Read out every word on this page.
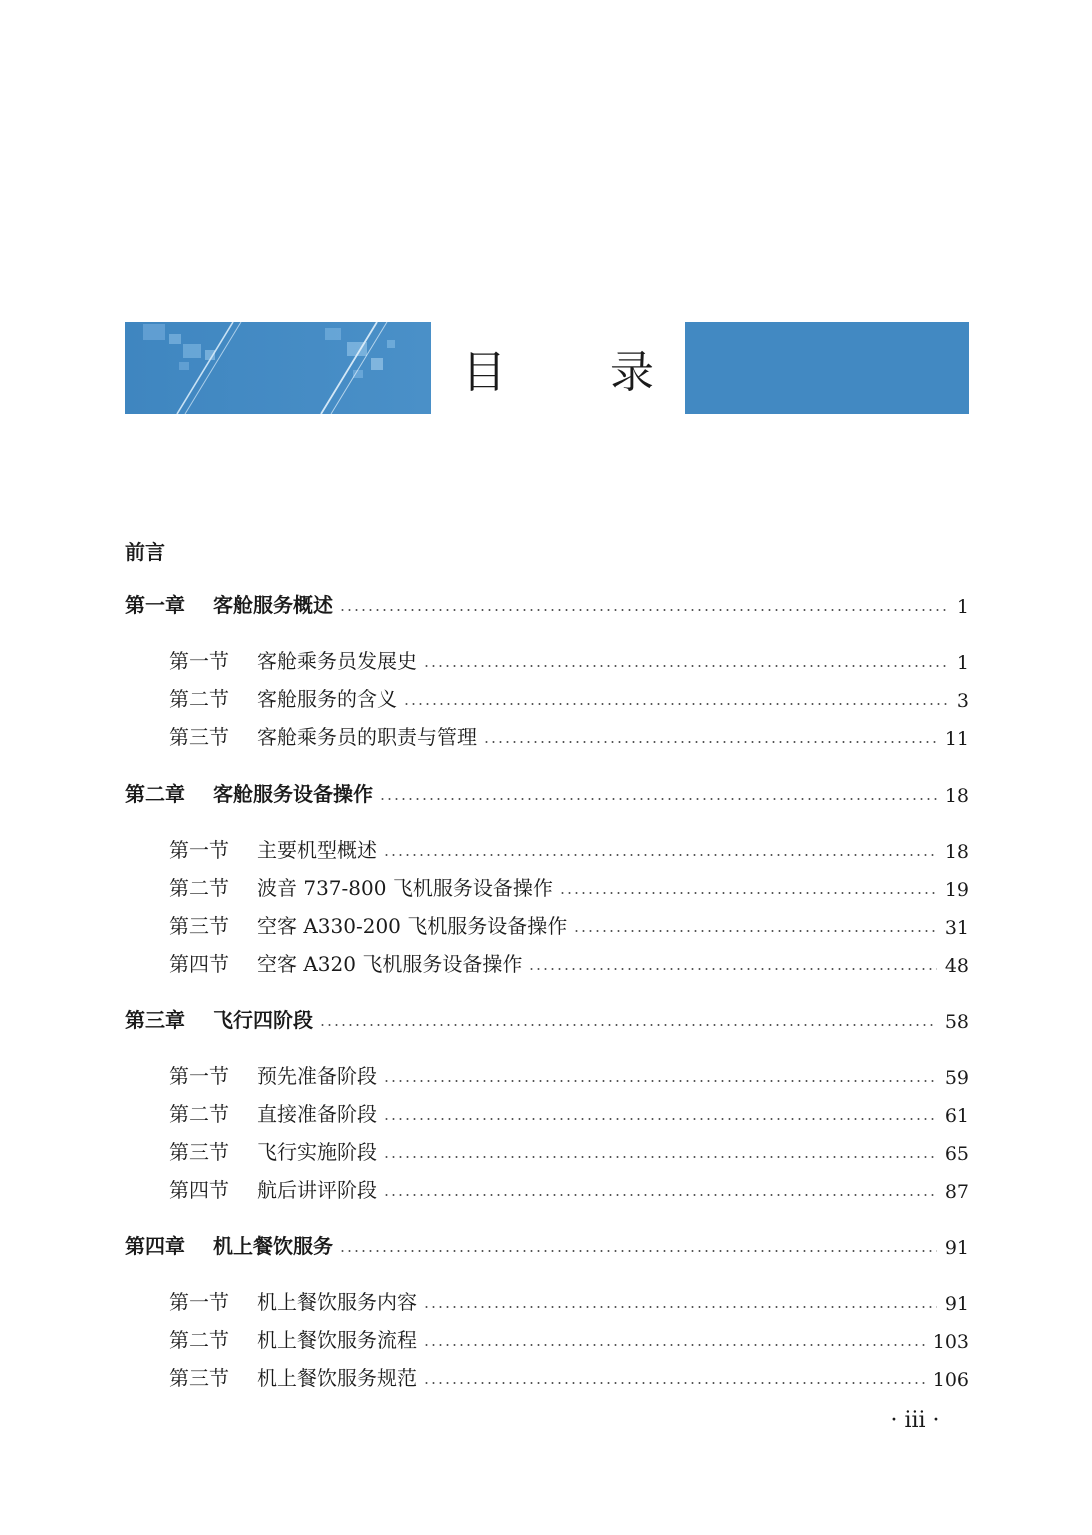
目　录
前言
第一章	客舱服务概述	1
第一节	客舱乘务员发展史	1
第二节	客舱服务的含义	3
第三节	客舱乘务员的职责与管理	11
第二章	客舱服务设备操作	18
第一节	主要机型概述	18
第二节	波音 737-800 飞机服务设备操作	19
第三节	空客 A330-200 飞机服务设备操作	31
第四节	空客 A320 飞机服务设备操作	48
第三章	飞行四阶段	58
第一节	预先准备阶段	59
第二节	直接准备阶段	61
第三节	飞行实施阶段	65
第四节	航后讲评阶段	87
第四章	机上餐饮服务	91
第一节	机上餐饮服务内容	91
第二节	机上餐饮服务流程	103
第三节	机上餐饮服务规范	106
· iii ·
